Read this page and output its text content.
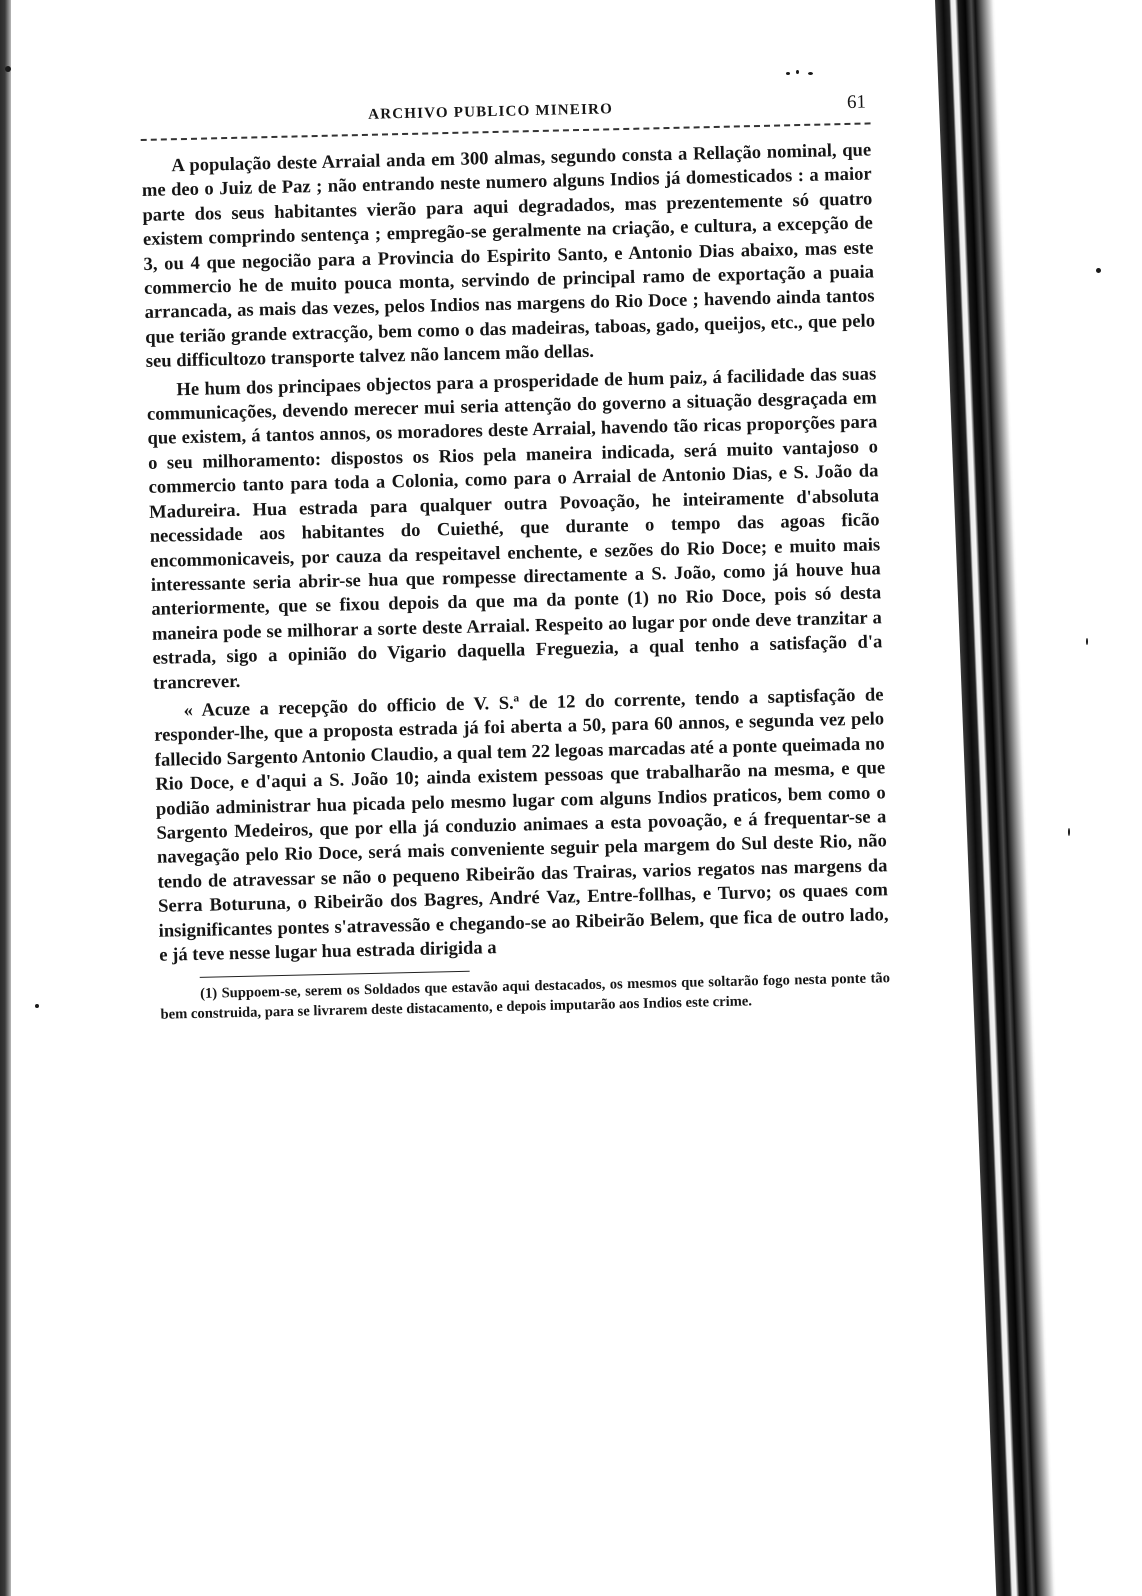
ARCHIVO PUBLICO MINEIRO	61

A população deste Arraial anda em 300 almas, segundo consta a Rellação nominal, que me deo o Juiz de Paz ; não entrando neste numero alguns Indios já domesticados : a maior parte dos seus habitantes vierão para aqui degradados, mas prezentemente só quatro existem comprindo sentença ; empregão-se geralmente na criação, e cultura, a excepção de 3, ou 4 que negocião para a Provincia do Espirito Santo, e Antonio Dias abaixo, mas este commercio he de muito pouca monta, servindo de principal ramo de exportação a puaia arrancada, as mais das vezes, pelos Indios nas margens do Rio Doce ; havendo ainda tantos que terião grande extracção, bem como o das madeiras, taboas, gado, queijos, etc., que pelo seu difficultozo transporte talvez não lancem mão dellas.

He hum dos principaes objectos para a prosperidade de hum paiz, á facilidade das suas communicações, devendo merecer mui seria attenção do governo a situação desgraçada em que existem, á tantos annos, os moradores deste Arraial, havendo tão ricas proporções para o seu milhoramento: dispostos os Rios pela maneira indicada, será muito vantajoso o commercio tanto para toda a Colonia, como para o Arraial de Antonio Dias, e S. João da Madureira. Hua estrada para qualquer outra Povoação, he inteiramente d'absoluta necessidade aos habitantes do Cuiethé, que durante o tempo das agoas ficão encommonicaveis, por cauza da respeitavel enchente, e sezões do Rio Doce; e muito mais interessante seria abrir-se hua que rompesse directamente a S. João, como já houve hua anteriormente, que se fixou depois da que ma da ponte (1) no Rio Doce, pois só desta maneira pode se milhorar a sorte deste Arraial. Respeito ao lugar por onde deve tranzitar a estrada, sigo a opinião do Vigario daquella Freguezia, a qual tenho a satisfação d'a trancrever.

« Acuze a recepção do officio de V. S.ª de 12 do corrente, tendo a saptisfação de responder-lhe, que a proposta estrada já foi aberta a 50, para 60 annos, e segunda vez pelo fallecido Sargento Antonio Claudio, a qual tem 22 legoas marcadas até a ponte queimada no Rio Doce, e d'aqui a S. João 10; ainda existem pessoas que trabalharão na mesma, e que podião administrar hua picada pelo mesmo lugar com alguns Indios praticos, bem como o Sargento Medeiros, que por ella já conduzio animaes a esta povoação, e á frequentar-se a navegação pelo Rio Doce, será mais conveniente seguir pela margem do Sul deste Rio, não tendo de atravessar se não o pequeno Ribeirão das Trairas, varios regatos nas margens da Serra Boturuna, o Ribeirão dos Bagres, André Vaz, Entre-follhas, e Turvo; os quaes com insignificantes pontes s'atravessão e chegando-se ao Ribeirão Belem, que fica de outro lado, e já teve nesse lugar hua estrada dirigida a

(1) Suppoem-se, serem os Soldados que estavão aqui destacados, os mesmos que soltarão fogo nesta ponte tão bem construida, para se livrarem deste distacamento, e depois imputarão aos Indios este crime.
